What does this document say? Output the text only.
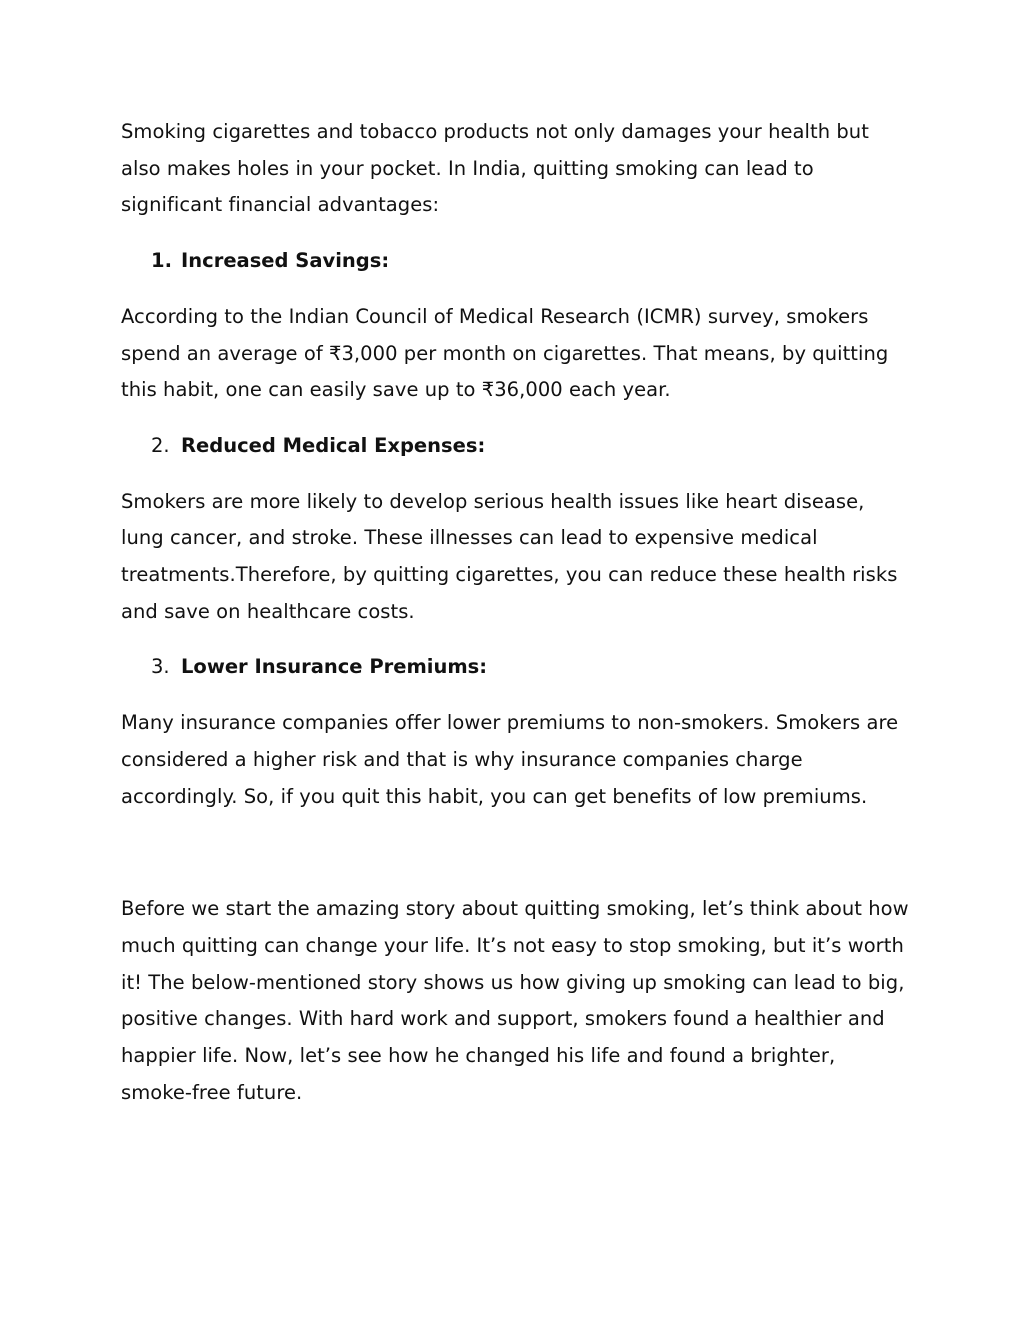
Smoking cigarettes and tobacco products not only damages your health but also makes holes in your pocket. In India, quitting smoking can lead to significant financial advantages:

1. Increased Savings:

According to the Indian Council of Medical Research (ICMR) survey, smokers spend an average of ₹3,000 per month on cigarettes. That means, by quitting this habit, one can easily save up to ₹36,000 each year.

2. Reduced Medical Expenses:

Smokers are more likely to develop serious health issues like heart disease, lung cancer, and stroke. These illnesses can lead to expensive medical treatments.Therefore, by quitting cigarettes, you can reduce these health risks and save on healthcare costs.

3. Lower Insurance Premiums:

Many insurance companies offer lower premiums to non-smokers. Smokers are considered a higher risk and that is why insurance companies charge accordingly. So, if you quit this habit, you can get benefits of low premiums.

Before we start the amazing story about quitting smoking, let’s think about how much quitting can change your life. It’s not easy to stop smoking, but it’s worth it! The below-mentioned story shows us how giving up smoking can lead to big, positive changes. With hard work and support, smokers found a healthier and happier life. Now, let’s see how he changed his life and found a brighter, smoke-free future.
